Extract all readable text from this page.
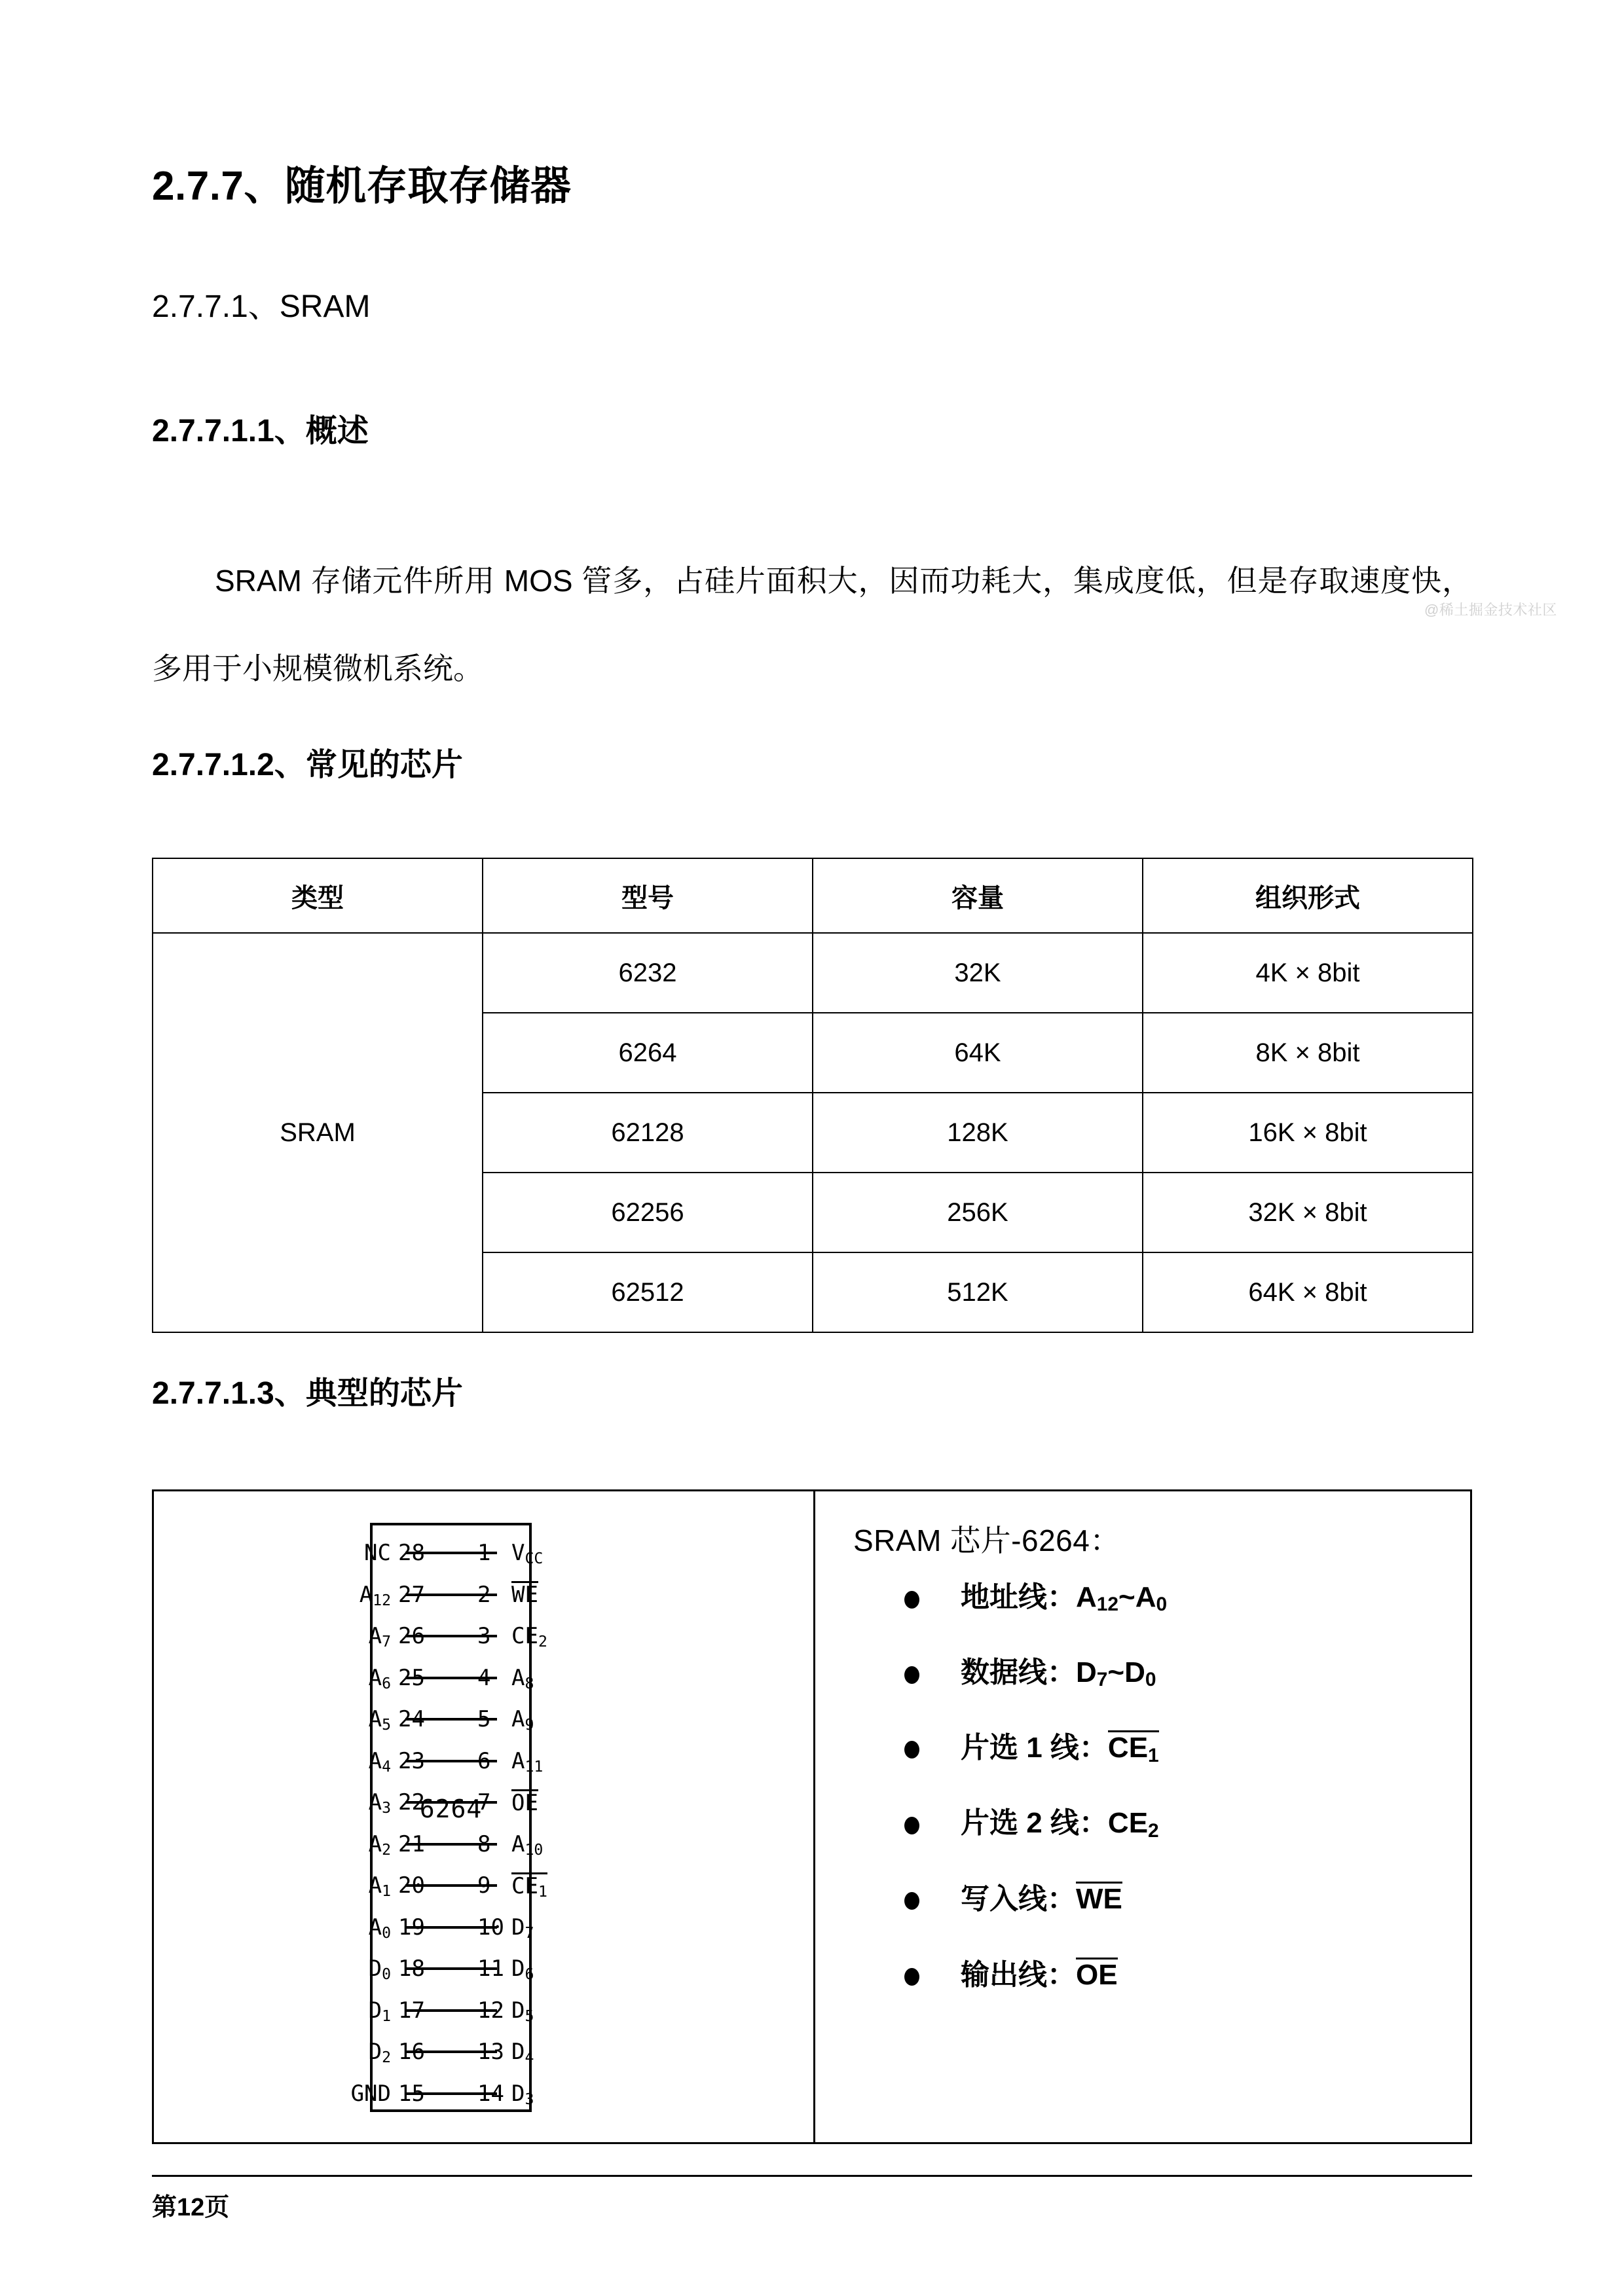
2.7.7、随机存取存储器
2.7.7.1、SRAM
2.7.7.1.1、概述

SRAM 存储元件所用 MOS 管多，占硅片面积大，因而功耗大，集成度低，但是存取速度快，多用于小规模微机系统。

2.7.7.1.2、常见的芯片
类型	型号	容量	组织形式
SRAM	6232	32K	4K × 8bit
	6264	64K	8K × 8bit
	62128	128K	16K × 8bit
	62256	256K	32K × 8bit
	62512	512K	64K × 8bit
2.7.7.1.3、典型的芯片
6264
NC	1
$A_{12}$	2
$A_7$	3
$A_6$	4
$A_5$	5
$A_4$	6
$A_3$	7
$A_2$	8
$A_1$	9
$A_0$	10
$D_0$	11
$D_1$	12
$D_2$	13
GND	14
28	$V_{CC}$
27	WE
26	$CE_2$
25	$A_8$
24	$A_9$
23	$A_{11}$
22	OE
21	$A_{10}$
20	$CE_1$
19	$D_7$
18	$D_6$
17	$D_5$
16	$D_4$
15	$D_3$
SRAM 芯片-6264：
地址线：$A_{12}\sim A_0$
数据线：$D_7\sim D_0$
片选 1 线：$CE_1$
片选 2 线：$CE_2$
写入线：WE
输出线：OE
第12页
@稀土掘金技术社区
